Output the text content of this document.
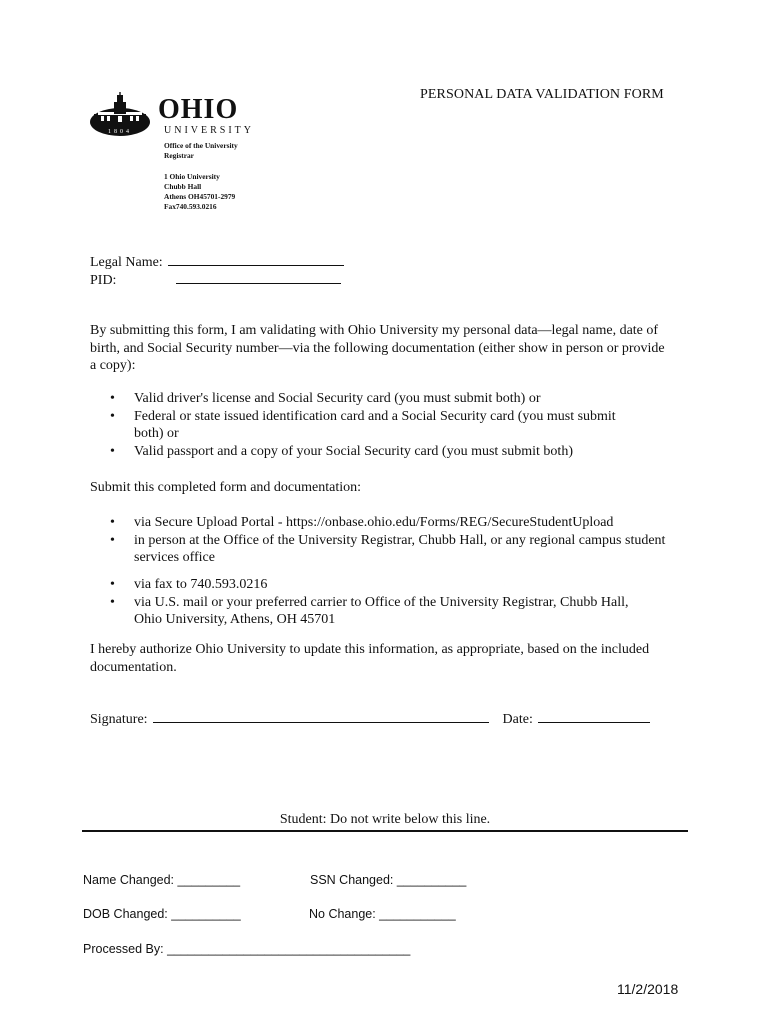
PERSONAL DATA VALIDATION FORM
1804
OHIO
UNIVERSITY
Office of the University
Registrar
1 Ohio University
Chubb Hall
Athens OH45701-2979
Fax740.593.0216
Legal Name:
PID:
By submitting this form, I am validating with Ohio University my personal data—legal name, date of birth, and Social Security number—via the following documentation (either show in person or provide a copy):
• Valid driver's license and Social Security card (you must submit both) or
• Federal or state issued identification card and a Social Security card (you must submit both) or
• Valid passport and a copy of your Social Security card (you must submit both)
Submit this completed form and documentation:
• via Secure Upload Portal - https://onbase.ohio.edu/Forms/REG/SecureStudentUpload
• in person at the Office of the University Registrar, Chubb Hall, or any regional campus student services office
• via fax to 740.593.0216
• via U.S. mail or your preferred carrier to Office of the University Registrar, Chubb Hall, Ohio University, Athens, OH 45701
I hereby authorize Ohio University to update this information, as appropriate, based on the included documentation.
Signature:	Date:
Student: Do not write below this line.
Name Changed: _________	SSN Changed: __________
DOB Changed: __________	No Change: ___________
Processed By: ___________________________________
11/2/2018
